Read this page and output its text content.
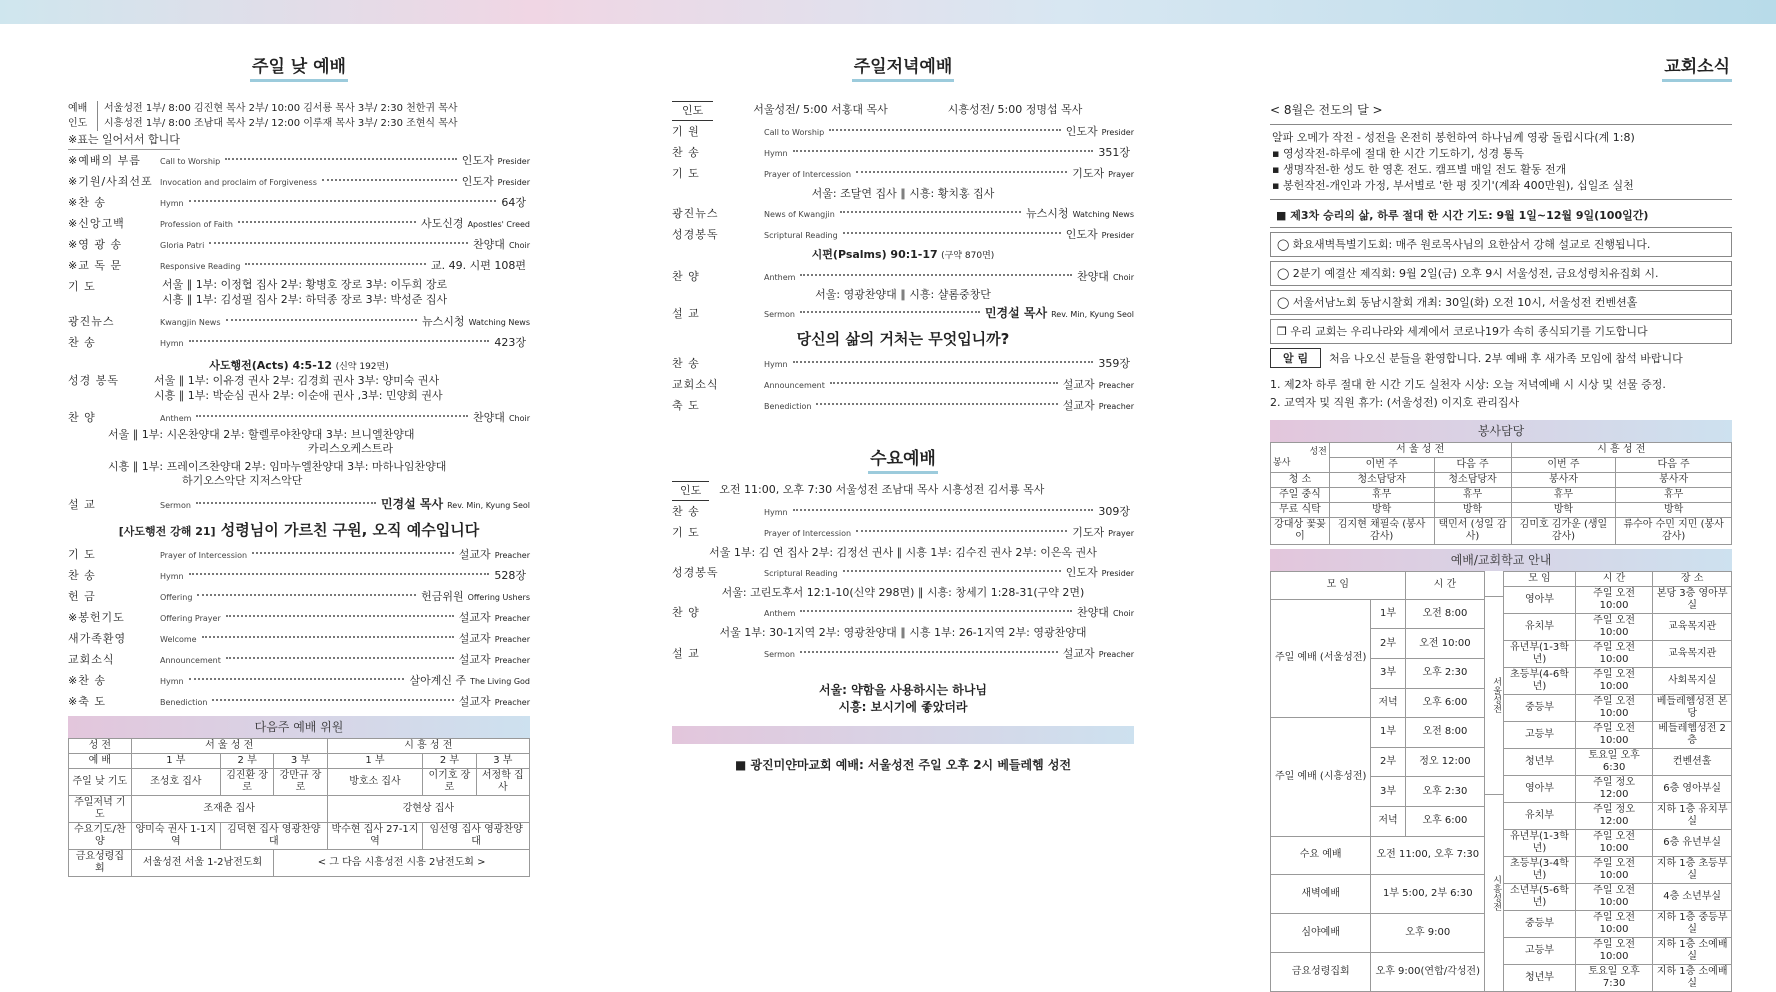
주일 낮 예배
예배 인도
서울성전 1부/ 8:00 김진현 목사 2부/ 10:00 김서룡 목사 3부/ 2:30 천한귀 목사
시흥성전 1부/ 8:00 조남대 목사 2부/ 12:00 이루재 목사 3부/ 2:30 조현식 목사
※표는 일어서서 합니다
※예배의 부름	Call to Worship	인도자 Presider
※기원/사죄선포 Invocation and proclaim of Forgiveness	인도자 Presider
※찬 송	Hymn	64장
※신앙고백	Profession of Faith	사도신경 Apostles' Creed
※영 광 송	Gloria Patri	찬양대 Choir
※교 독 문	Responsive Reading	교. 49. 시편 108편
기 도	서울 ∥ 1부: 이정협 집사 2부: 황병호 장로 3부: 이두희 장로
시흥 ∥ 1부: 김성필 집사 2부: 하덕종 장로 3부: 박성준 집사
광진뉴스	Kwangjin News	뉴스시청 Watching News
찬 송	Hymn	423장
사도행전(Acts) 4:5-12 (신약 192면)
성경 봉독	서울 ∥ 1부: 이유경 권사 2부: 김경희 권사 3부: 양미숙 권사
시흥 ∥ 1부: 박순심 권사 2부: 이순애 권사 ,3부: 민양희 권사
찬 양	Anthem	찬양대 Choir
서울 ∥ 1부: 시온찬양대 2부: 할렐루야찬양대 3부: 브니엘찬양대
카리스오케스트라
시흥 ∥ 1부: 프레이즈찬양대 2부: 임마누엘찬양대 3부: 마하나임찬양대
하기오스악단 지저스악단
설 교	Sermon	민경설 목사 Rev. Min, Kyung Seol
[사도행전 강해 21] 성령님이 가르친 구원, 오직 예수입니다
기 도	Prayer of Intercession	설교자 Preacher
찬 송	Hymn	528장
헌 금	Offering	헌금위원 Offering Ushers
※봉헌기도	Offering Prayer	설교자 Preacher
새가족환영	Welcome	설교자 Preacher
교회소식	Announcement	설교자 Preacher
※찬 송	Hymn	살아계신 주 The Living God
※축 도	Benediction	설교자 Preacher
다음주 예배 위원
성 전	서 울 성 전			시 흥 성 전		
예 배	1 부	2 부	3 부	1 부	2 부	3 부
주일 낮 기도	조성호 집사	김진환 장로	강만규 장로	방호소 집사	이기호 장로	서정학 집사
주일저녁 기도	조재춘 집사			강현상 집사		
수요기도/찬양	양미숙 권사 1-1지역	김덕현 집사 영광찬양대		박수현 집사 27-1지역	임선영 집사 영광찬양대	
금요성령집회	서울성전 서울 1-2남전도회		< 그 다음 시흥성전 시흥 2남전도회 >			
주일저녁예배
인도	서울성전/ 5:00 서홍대 목사	시흥성전/ 5:00 정명섭 목사
기 원	Call to Worship	인도자 Presider
찬 송	Hymn	351장
기 도	Prayer of Intercession	기도자 Prayer
서울: 조달연 집사 ∥ 시흥: 황치홍 집사
광진뉴스	News of Kwangjin	뉴스시청 Watching News
성경봉독	Scriptural Reading	인도자 Presider
시편(Psalms) 90:1-17 (구약 870면)
찬 양	Anthem	찬양대 Choir
서울: 영광찬양대 ∥ 시흥: 샬롬중창단
설 교	Sermon	민경설 목사 Rev. Min, Kyung Seol
당신의 삶의 거처는 무엇입니까?
찬 송	Hymn	359장
교회소식	Announcement	설교자 Preacher
축 도	Benediction	설교자 Preacher
수요예배
인도	오전 11:00, 오후 7:30 서울성전 조남대 목사 시흥성전 김서룡 목사
찬 송	Hymn	309장
기 도	Prayer of Intercession	기도자 Prayer
서울 1부: 김 연 집사 2부: 김정선 권사 ∥ 시흥 1부: 김수진 권사 2부: 이은옥 권사
성경봉독	Scriptural Reading	인도자 Presider
서울: 고린도후서 12:1-10(신약 298면) ∥ 시흥: 창세기 1:28-31(구약 2면)
찬 양	Anthem	찬양대 Choir
서울 1부: 30-1지역 2부: 영광찬양대 ∥ 시흥 1부: 26-1지역 2부: 영광찬양대
설 교	Sermon	설교자 Preacher
서울: 약함을 사용하시는 하나님
시흥: 보시기에 좋았더라
■ 광진미얀마교회 예배: 서울성전 주일 오후 2시 베들레헴 성전
교회소식
< 8월은 전도의 달 >
알파 오메가 작전 - 성전을 온전히 봉헌하여 하나님께 영광 돌립시다(계 1:8)
▪ 영성작전-하루에 절대 한 시간 기도하기, 성경 통독
▪ 생명작전-한 성도 한 영혼 전도. 캠프별 매일 전도 활동 전개
▪ 봉헌작전-개인과 가정, 부서별로 '한 평 짓기'(계좌 400만원), 십일조 실천
■ 제3차 승리의 삶, 하루 절대 한 시간 기도: 9월 1일~12월 9일(100일간)
◯ 화요새벽특별기도회: 매주 원로목사님의 요한삼서 강해 설교로 진행됩니다.
◯ 2분기 예결산 제직회: 9월 2일(금) 오후 9시 서울성전, 금요성령치유집회 시.
◯ 서울서남노회 동남시찰회 개최: 30일(화) 오전 10시, 서울성전 컨벤션홀
❒ 우리 교회는 우리나라와 세계에서 코로나19가 속히 종식되기를 기도합니다
알 림	처음 나오신 분들을 환영합니다. 2부 예배 후 새가족 모임에 참석 바랍니다
1. 제2차 하루 절대 한 시간 기도 실천자 시상: 오늘 저녁예배 시 시상 및 선물 증정.
2. 교역자 및 직원 휴가: (서울성전) 이지호 관리집사
봉사담당
성전
봉사	서 울 성 전		시 흥 성 전	
	이번 주	다음 주	이번 주	다음 주
청 소	청소담당자	청소담당자	봉사자	봉사자
주일 중식	휴무	휴무	휴무	휴무
무료 식탁	방학	방학	방학	방학
강대상 꽃꽂이	김지현 채필숙 (봉사 감사)	택민서 (성일 감사)	김미호 김가운 (생일 감사)	류수아 수민 지민 (봉사 감사)
예배/교회학교 안내
모 임		시 간
주일 예배 (서울성전)	1부	오전 8:00
	2부	오전 10:00
	3부	오후 2:30
	저녁	오후 6:00
주일 예배 (시흥성전)	1부	오전 8:00
	2부	정오 12:00
	3부	오후 2:30
	저녁	오후 6:00
수요 예배	오전 11:00, 오후 7:30	
새벽예배	1부 5:00, 2부 6:30	
심야예배	오후 9:00	
금요성령집회	오후 9:00(연합/각성전)	
서울성전
시흥성전
모 임	시 간	장 소
영아부	주일 오전 10:00	본당 3층 영아부실
유치부	주일 오전 10:00	교육목지관
유년부(1-3학년)	주일 오전 10:00	교육목지관
초등부(4-6학년)	주일 오전 10:00	사회목지실
중등부	주일 오전 10:00	베들레헴성전 본당
고등부	주일 오전 10:00	베들레헴성전 2층
청년부	토요일 오후 6:30	컨벤션홀
영아부	주일 정오 12:00	6층 영아부실
유치부	주일 정오 12:00	지하 1층 유치부실
유년부(1-3학년)	주일 오전 10:00	6층 유년부실
초등부(3-4학년)	주일 오전 10:00	지하 1층 초등부실
소년부(5-6학년)	주일 오전 10:00	4층 소년부실
중등부	주일 오전 10:00	지하 1층 중등부실
고등부	주일 오전 10:00	지하 1층 소예배실
청년부	토요일 오후 7:30	지하 1층 소예배실
